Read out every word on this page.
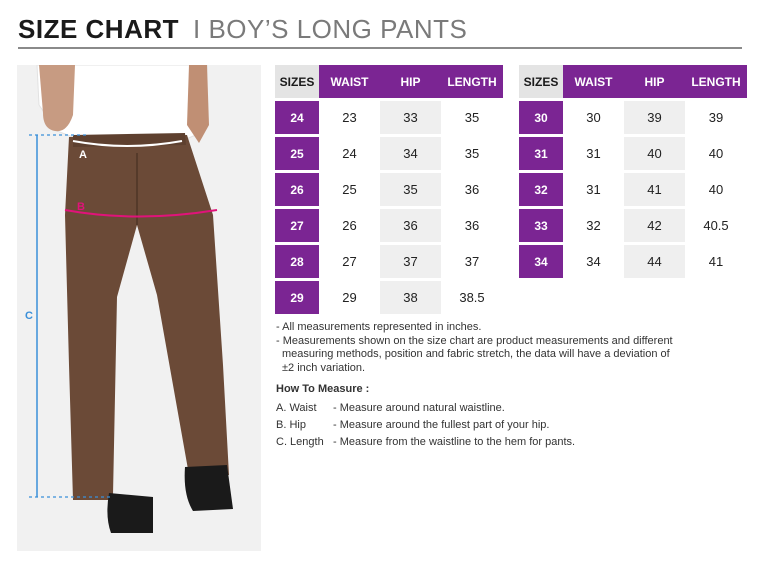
SIZE CHART I BOY’S LONG PANTS
A
B
C
SIZES	WAIST	HIP	LENGTH
24	23	33	35
25	24	34	35
26	25	35	36
27	26	36	36
28	27	37	37
29	29	38	38.5
SIZES	WAIST	HIP	LENGTH
30	30	39	39
31	31	40	40
32	31	41	40
33	32	42	40.5
34	34	44	41

- All measurements represented in inches.

- Measurements shown on the size chart are product measurements and different

measuring methods, position and fabric stretch, the data will have a deviation of

±2 inch variation.

How To Measure :
A. Waist	- Measure around natural waistline.
B. Hip	- Measure around the fullest part of your hip.
C. Length - Measure from the waistline to the hem for pants.
